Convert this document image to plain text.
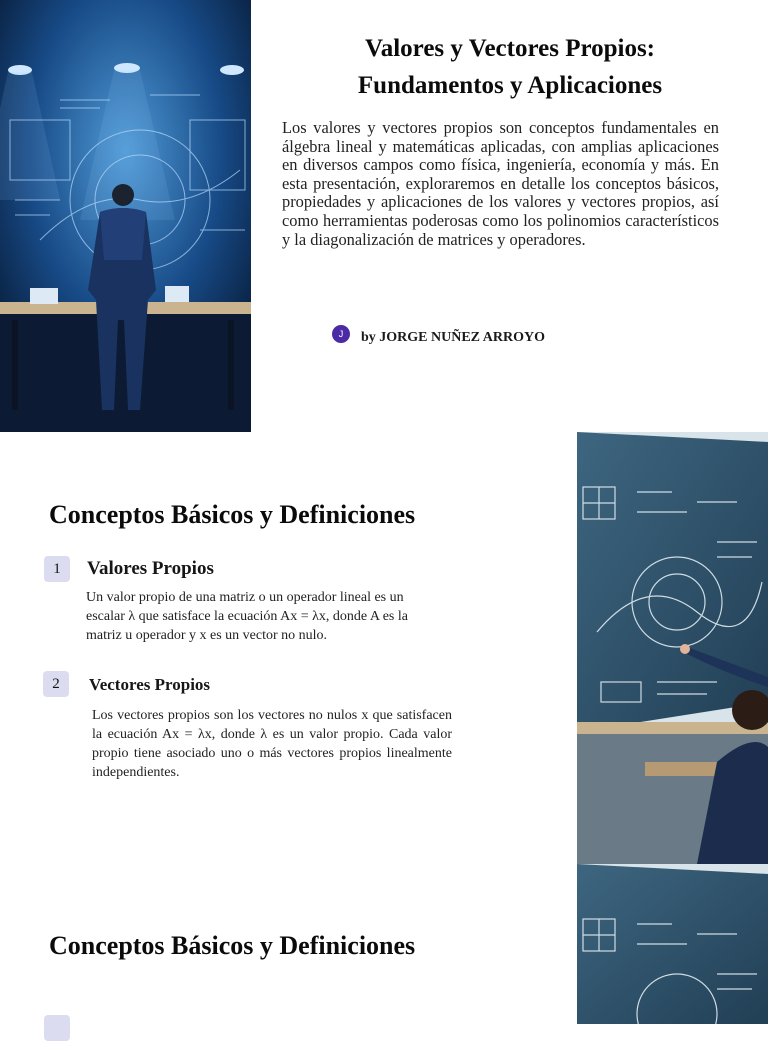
Valores y Vectores Propios:
Fundamentos y Aplicaciones

Los valores y vectores propios son conceptos fundamentales en álgebra lineal y matemáticas aplicadas, con amplias aplicaciones en diversos campos como física, ingeniería, economía y más. En esta presentación, exploraremos en detalle los conceptos básicos, propiedades y aplicaciones de los valores y vectores propios, así como herramientas poderosas como los polinomios característicos y la diagonalización de matrices y operadores.

J	by JORGE NUÑEZ ARROYO
Conceptos Básicos y Definiciones
1	Valores Propios
Un valor propio de una matriz o un operador lineal es un escalar λ que satisface la ecuación Ax = λx, donde A es la matriz u operador y x es un vector no nulo.
2	Vectores Propios
Los vectores propios son los vectores no nulos x que satisfacen la ecuación Ax = λx, donde λ es un valor propio. Cada valor propio tiene asociado uno o más vectores propios linealmente independientes.
Conceptos Básicos y Definiciones
